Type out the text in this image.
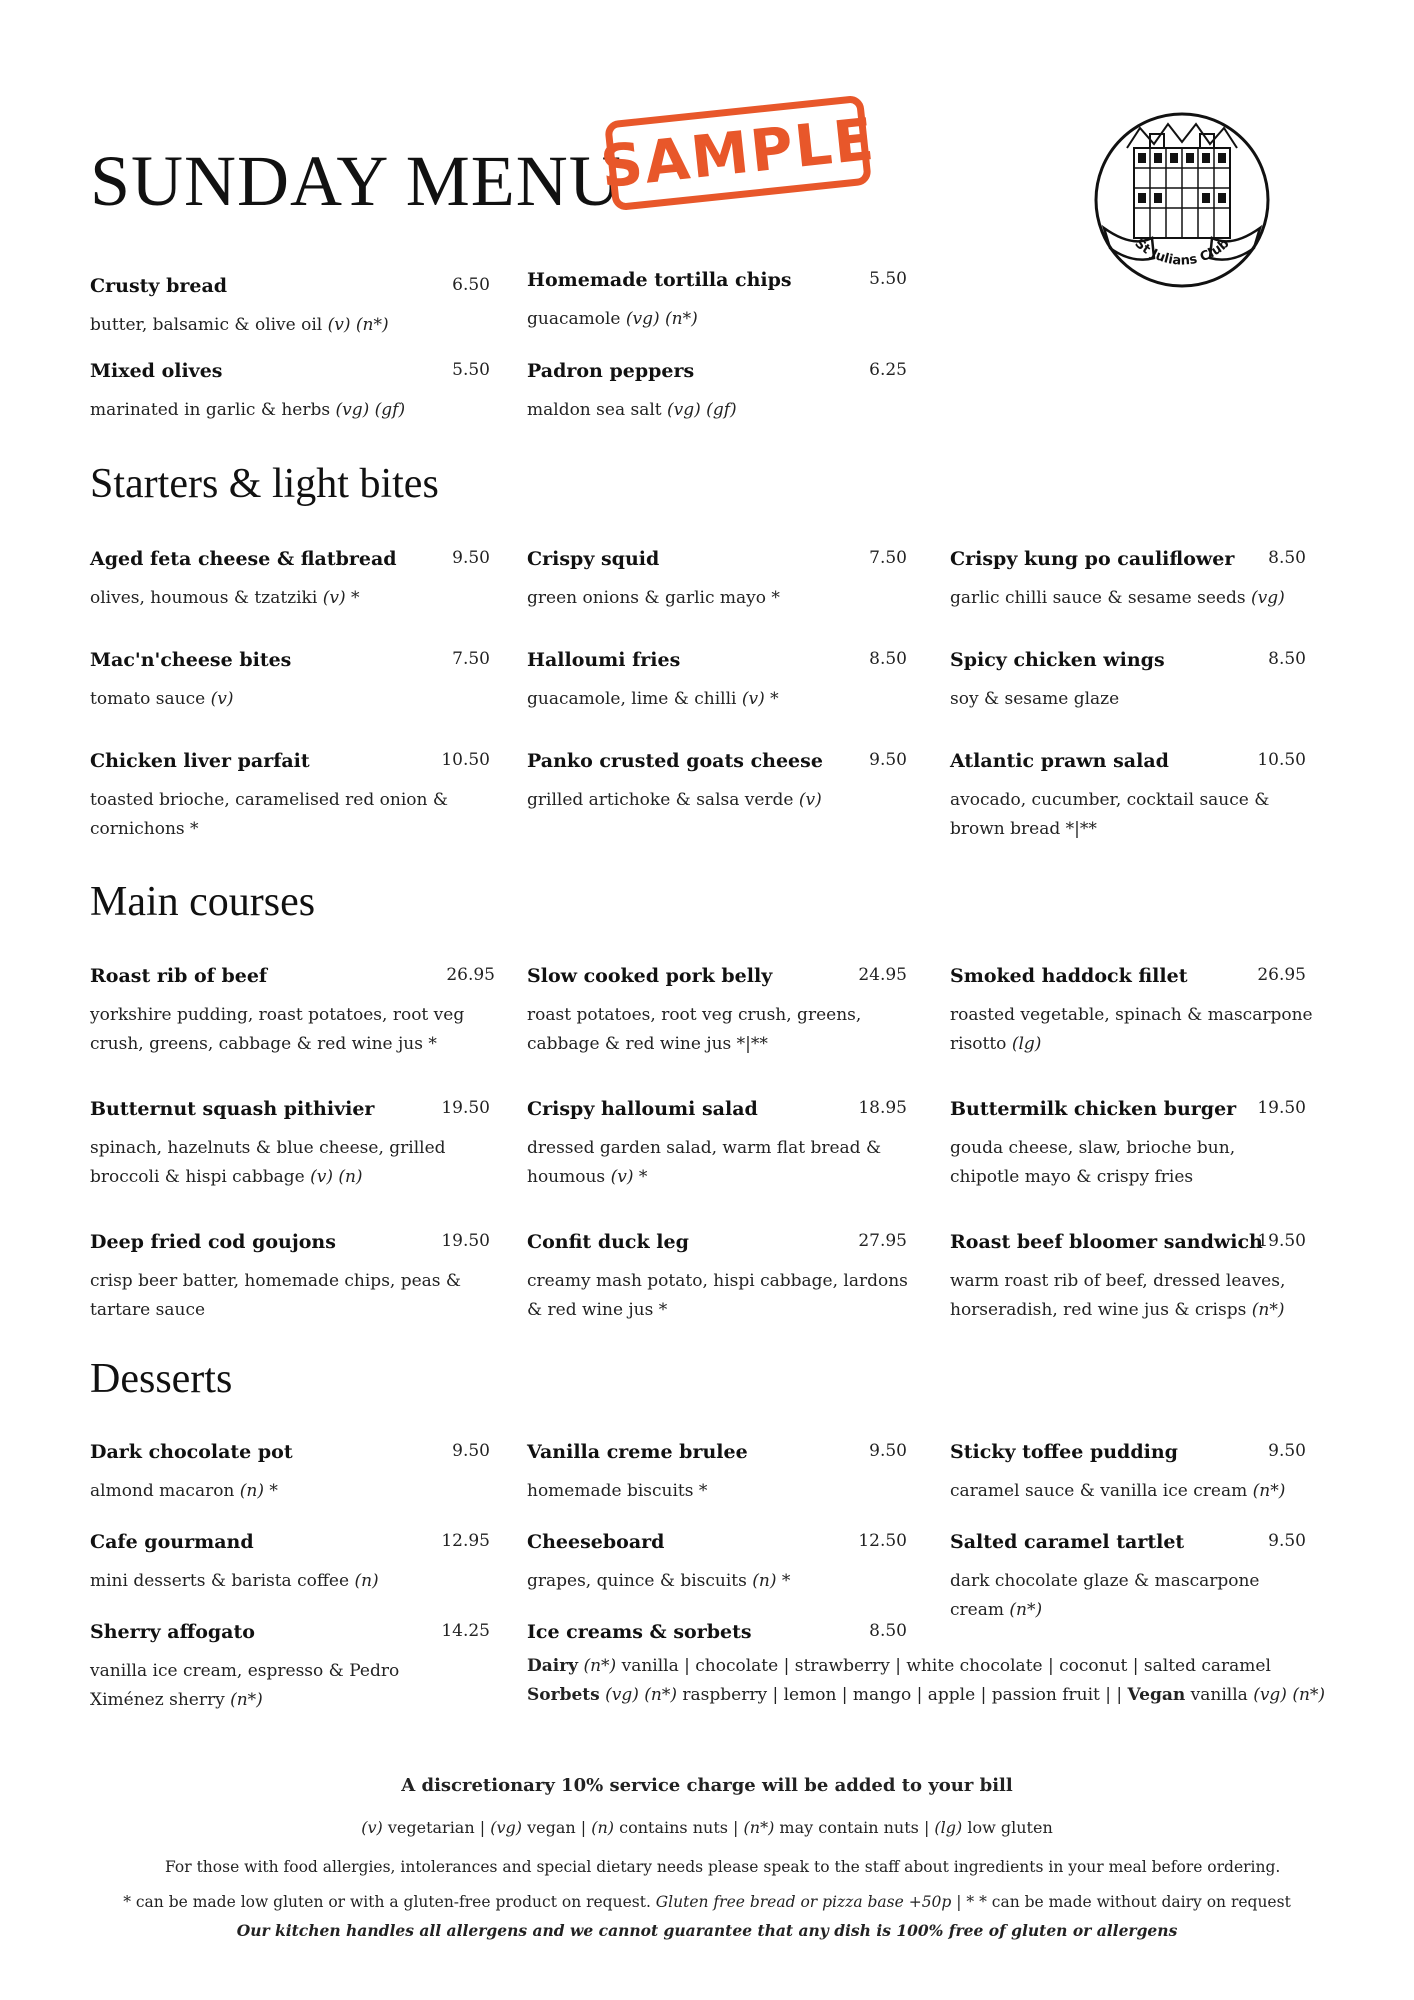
SUNDAY MENU
SAMPLE
St Julians Club
Crusty bread	6.50
butter, balsamic & olive oil (v) (n*)
Homemade tortilla chips	5.50
guacamole (vg) (n*)
Mixed olives	5.50
marinated in garlic & herbs (vg) (gf)
Padron peppers	6.25
maldon sea salt (vg) (gf)
Starters & light bites
Aged feta cheese & flatbread	9.50
olives, houmous & tzatziki (v) *
Crispy squid	7.50
green onions & garlic mayo *
Crispy kung po cauliflower	8.50
garlic chilli sauce & sesame seeds (vg)
Mac'n'cheese bites	7.50
tomato sauce (v)
Halloumi fries	8.50
guacamole, lime & chilli (v) *
Spicy chicken wings	8.50
soy & sesame glaze
Chicken liver parfait	10.50
toasted brioche, caramelised red onion & cornichons *
Panko crusted goats cheese	9.50
grilled artichoke & salsa verde (v)
Atlantic prawn salad	10.50
avocado, cucumber, cocktail sauce & brown bread *|**
Main courses
Roast rib of beef	26.95
yorkshire pudding, roast potatoes, root veg crush, greens, cabbage & red wine jus *
Slow cooked pork belly	24.95
roast potatoes, root veg crush, greens, cabbage & red wine jus *|**
Smoked haddock fillet	26.95
roasted vegetable, spinach & mascarpone risotto (lg)
Butternut squash pithivier	19.50
spinach, hazelnuts & blue cheese, grilled broccoli & hispi cabbage (v) (n)
Crispy halloumi salad	18.95
dressed garden salad, warm flat bread & houmous (v) *
Buttermilk chicken burger	19.50
gouda cheese, slaw, brioche bun, chipotle mayo & crispy fries
Deep fried cod goujons	19.50
crisp beer batter, homemade chips, peas & tartare sauce
Confit duck leg	27.95
creamy mash potato, hispi cabbage, lardons & red wine jus *
Roast beef bloomer sandwich
19.50
warm roast rib of beef, dressed leaves, horseradish, red wine jus & crisps (n*)
Desserts
Dark chocolate pot	9.50
almond macaron (n) *
Vanilla creme brulee	9.50
homemade biscuits *
Sticky toffee pudding	9.50
caramel sauce & vanilla ice cream (n*)
Cafe gourmand	12.95
mini desserts & barista coffee (n)
Cheeseboard	12.50
grapes, quince & biscuits (n) *
Salted caramel tartlet	9.50
dark chocolate glaze & mascarpone cream (n*)
Sherry affogato	14.25
vanilla ice cream, espresso & Pedro Ximénez sherry (n*)
Ice creams & sorbets	8.50
Dairy (n*) vanilla | chocolate | strawberry | white chocolate | coconut | salted caramel
Sorbets (vg) (n*) raspberry | lemon | mango | apple | passion fruit | | Vegan vanilla (vg) (n*)
A discretionary 10% service charge will be added to your bill
(v) vegetarian | (vg) vegan | (n) contains nuts | (n*) may contain nuts | (lg) low gluten
For those with food allergies, intolerances and special dietary needs please speak to the staff about ingredients in your meal before ordering.
* can be made low gluten or with a gluten-free product on request. Gluten free bread or pizza base +50p | * * can be made without dairy on request
Our kitchen handles all allergens and we cannot guarantee that any dish is 100% free of gluten or allergens
